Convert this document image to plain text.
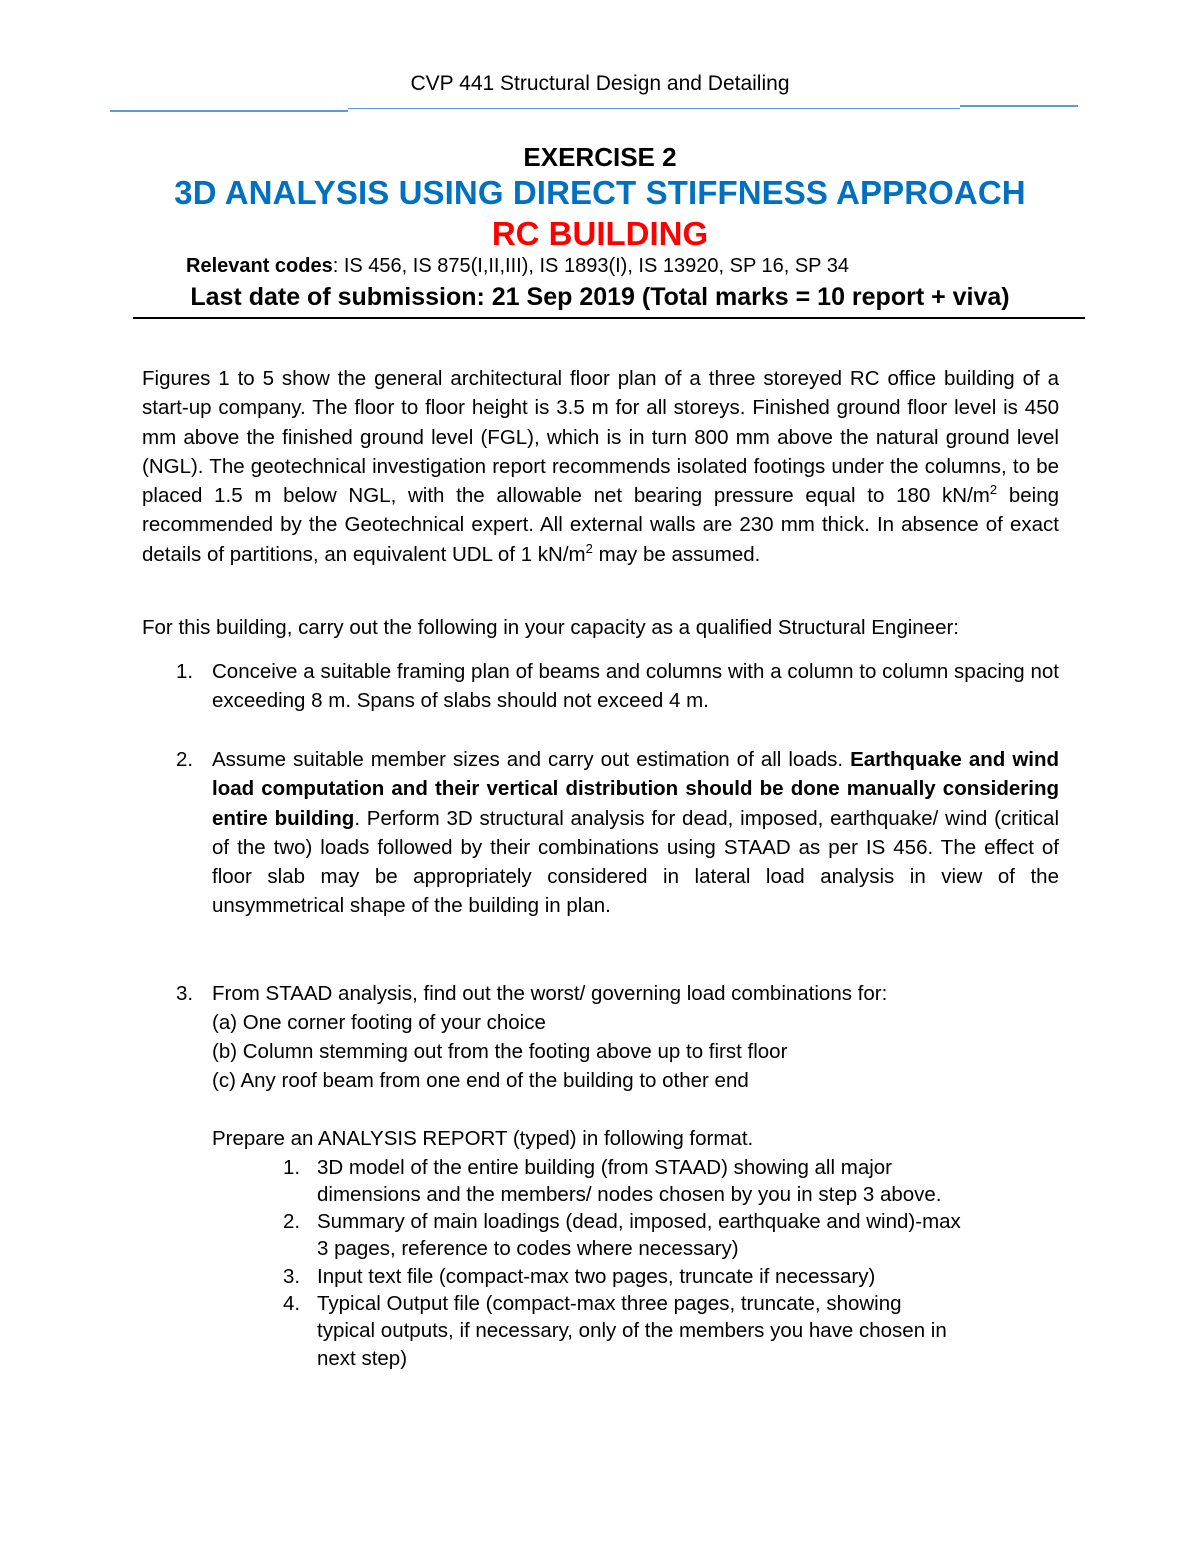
CVP 441 Structural Design and Detailing
EXERCISE 2
3D ANALYSIS USING DIRECT STIFFNESS APPROACH
RC BUILDING
Relevant codes: IS 456, IS 875(I,II,III), IS 1893(I), IS 13920, SP 16, SP 34
Last date of submission: 21 Sep 2019 (Total marks = 10 report + viva)
Figures 1 to 5 show the general architectural floor plan of a three storeyed RC office building of a start-up company. The floor to floor height is 3.5 m for all storeys. Finished ground floor level is 450 mm above the finished ground level (FGL), which is in turn 800 mm above the natural ground level (NGL). The geotechnical investigation report recommends isolated footings under the columns, to be placed 1.5 m below NGL, with the allowable net bearing pressure equal to 180 $kN/m^2$ being recommended by the Geotechnical expert. All external walls are 230 mm thick. In absence of exact details of partitions, an equivalent UDL of 1 $kN/m^2$ may be assumed.
For this building, carry out the following in your capacity as a qualified Structural Engineer:
1. Conceive a suitable framing plan of beams and columns with a column to column spacing not exceeding 8 m. Spans of slabs should not exceed 4 m.
2. Assume suitable member sizes and carry out estimation of all loads. Earthquake and wind load computation and their vertical distribution should be done manually considering entire building. Perform 3D structural analysis for dead, imposed, earthquake/ wind (critical of the two) loads followed by their combinations using STAAD as per IS 456. The effect of floor slab may be appropriately considered in lateral load analysis in view of the unsymmetrical shape of the building in plan.
3. From STAAD analysis, find out the worst/ governing load combinations for:
(a) One corner footing of your choice
(b) Column stemming out from the footing above up to first floor
(c) Any roof beam from one end of the building to other end
Prepare an ANALYSIS REPORT (typed) in following format.
1. 3D model of the entire building (from STAAD) showing all major
dimensions and the members/ nodes chosen by you in step 3 above.
2. Summary of main loadings (dead, imposed, earthquake and wind)-max
3 pages, reference to codes where necessary)
3. Input text file (compact-max two pages, truncate if necessary)
4. Typical Output file (compact-max three pages, truncate, showing
typical outputs, if necessary, only of the members you have chosen in
next step)
